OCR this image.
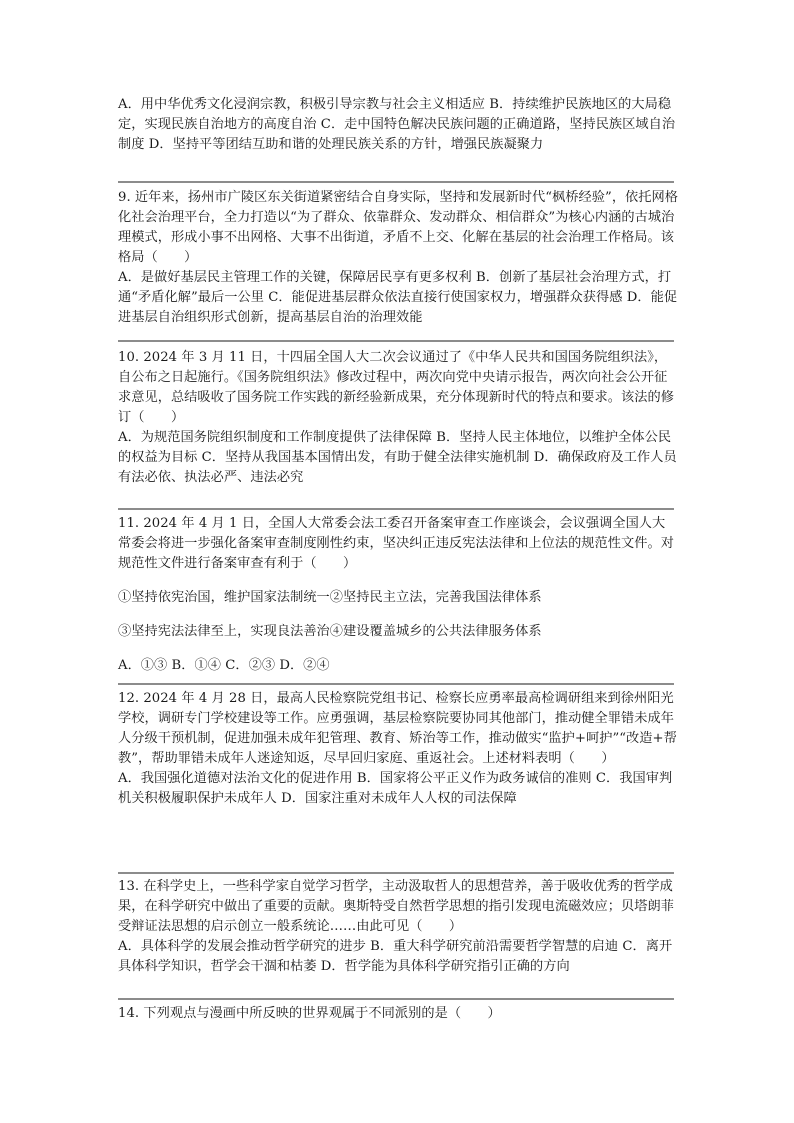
A．用中华优秀文化浸润宗教，积极引导宗教与社会主义相适应 B．持续维护民族地区的大局稳定，实现民族自治地方的高度自治 C．走中国特色解决民族问题的正确道路，坚持民族区域自治制度 D．坚持平等团结互助和谐的处理民族关系的方针，增强民族凝聚力

9. 近年来，扬州市广陵区东关街道紧密结合自身实际，坚持和发展新时代“枫桥经验”，依托网格化社会治理平台，全力打造以“为了群众、依靠群众、发动群众、相信群众”为核心内涵的古城治理模式，形成小事不出网格、大事不出街道，矛盾不上交、化解在基层的社会治理工作格局。该格局（　　）

A．是做好基层民主管理工作的关键，保障居民享有更多权利 B．创新了基层社会治理方式，打通“矛盾化解”最后一公里 C．能促进基层群众依法直接行使国家权力，增强群众获得感 D．能促进基层自治组织形式创新，提高基层自治的治理效能

10. 2024 年 3 月 11 日，十四届全国人大二次会议通过了《中华人民共和国国务院组织法》，自公布之日起施行。《国务院组织法》修改过程中，两次向党中央请示报告，两次向社会公开征求意见，总结吸收了国务院工作实践的新经验新成果，充分体现新时代的特点和要求。该法的修订（　　）

A．为规范国务院组织制度和工作制度提供了法律保障 B．坚持人民主体地位，以维护全体公民的权益为目标 C．坚持从我国基本国情出发，有助于健全法律实施机制 D．确保政府及工作人员有法必依、执法必严、违法必究

11. 2024 年 4 月 1 日，全国人大常委会法工委召开备案审查工作座谈会，会议强调全国人大常委会将进一步强化备案审查制度刚性约束，坚决纠正违反宪法法律和上位法的规范性文件。对规范性文件进行备案审查有利于（　　）

①坚持依宪治国，维护国家法制统一②坚持民主立法，完善我国法律体系

③坚持宪法法律至上，实现良法善治④建设覆盖城乡的公共法律服务体系

A．①③ B．①④ C．②③ D．②④

12. 2024 年 4 月 28 日，最高人民检察院党组书记、检察长应勇率最高检调研组来到徐州阳光学校，调研专门学校建设等工作。应勇强调，基层检察院要协同其他部门，推动健全罪错未成年人分级干预机制，促进加强未成年犯管理、教育、矫治等工作，推动做实“监护+呵护”“改造+帮教”，帮助罪错未成年人迷途知返，尽早回归家庭、重返社会。上述材料表明（　　）

A．我国强化道德对法治文化的促进作用 B．国家将公平正义作为政务诚信的准则 C．我国审判机关积极履职保护未成年人 D．国家注重对未成年人人权的司法保障

13. 在科学史上，一些科学家自觉学习哲学，主动汲取哲人的思想营养，善于吸收优秀的哲学成果，在科学研究中做出了重要的贡献。奥斯特受自然哲学思想的指引发现电流磁效应；贝塔朗菲受辩证法思想的启示创立一般系统论……由此可见（　　）

A．具体科学的发展会推动哲学研究的进步 B．重大科学研究前沿需要哲学智慧的启迪 C．离开具体科学知识，哲学会干涸和枯萎 D．哲学能为具体科学研究指引正确的方向

14. 下列观点与漫画中所反映的世界观属于不同派别的是（　　）
